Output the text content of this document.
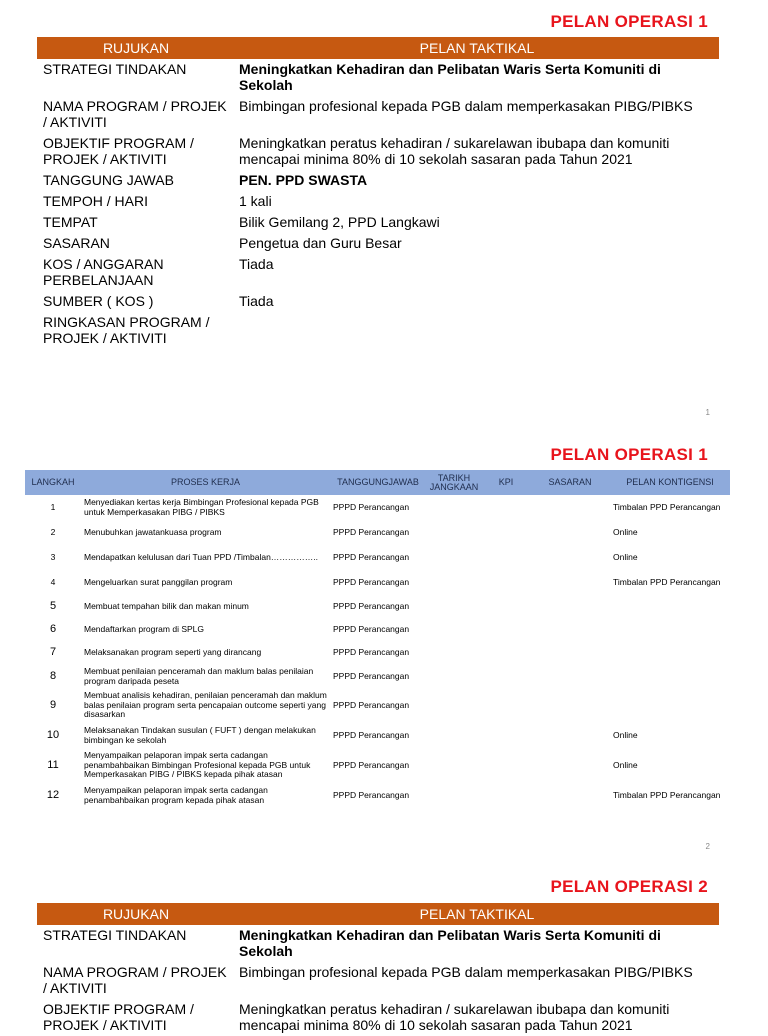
PELAN OPERASI 1
RUJUKAN	PELAN TAKTIKAL
STRATEGI TINDAKAN	Meningkatkan Kehadiran dan Pelibatan Waris Serta Komuniti di Sekolah
NAMA PROGRAM / PROJEK / AKTIVITI	Bimbingan profesional kepada PGB dalam memperkasakan PIBG/PIBKS
OBJEKTIF PROGRAM / PROJEK / AKTIVITI	Meningkatkan peratus kehadiran / sukarelawan ibubapa dan komuniti mencapai minima 80% di 10 sekolah sasaran pada Tahun 2021
TANGGUNG JAWAB	PEN. PPD SWASTA
TEMPOH / HARI	1 kali
TEMPAT	Bilik Gemilang 2, PPD Langkawi
SASARAN	Pengetua dan Guru Besar
KOS / ANGGARAN PERBELANJAAN	Tiada
SUMBER ( KOS )	Tiada
RINGKASAN PROGRAM / PROJEK / AKTIVITI	
1
PELAN OPERASI 1
LANGKAH	PROSES KERJA	TANGGUNGJAWAB	TARIKH JANGKAAN	KPI	SASARAN	PELAN KONTIGENSI
1	Menyediakan kertas kerja Bimbingan Profesional kepada PGB untuk Memperkasakan PIBG / PIBKS	PPPD Perancangan				Timbalan PPD Perancangan
2	Menubuhkan jawatankuasa program	PPPD Perancangan				Online
3	Mendapatkan kelulusan dari Tuan PPD /Timbalan……………..	PPPD Perancangan				Online
4	Mengeluarkan surat panggilan program	PPPD Perancangan				Timbalan PPD Perancangan
5	Membuat tempahan bilik dan makan minum	PPPD Perancangan				
6	Mendaftarkan program di SPLG	PPPD Perancangan				
7	Melaksanakan program seperti yang dirancang	PPPD Perancangan				
8	Membuat penilaian penceramah dan maklum balas penilaian program daripada peseta	PPPD Perancangan				
9	Membuat analisis kehadiran, penilaian penceramah dan maklum balas penilaian program serta pencapaian outcome seperti yang disasarkan	PPPD Perancangan				
10	Melaksanakan Tindakan susulan ( FUFT ) dengan melakukan bimbingan ke sekolah	PPPD Perancangan				Online
11	Menyampaikan pelaporan impak serta cadangan penambahbaikan Bimbingan Profesional kepada PGB untuk Memperkasakan PIBG / PIBKS kepada pihak atasan	PPPD Perancangan				Online
12	Menyampaikan pelaporan impak serta cadangan penambahbaikan program kepada pihak atasan	PPPD Perancangan				Timbalan PPD Perancangan
2
PELAN OPERASI 2
RUJUKAN	PELAN TAKTIKAL
STRATEGI TINDAKAN	Meningkatkan Kehadiran dan Pelibatan Waris Serta Komuniti di Sekolah
NAMA PROGRAM / PROJEK / AKTIVITI	Bimbingan profesional kepada PGB dalam memperkasakan PIBG/PIBKS
OBJEKTIF PROGRAM / PROJEK / AKTIVITI	Meningkatkan peratus kehadiran / sukarelawan ibubapa dan komuniti mencapai minima 80% di 10 sekolah sasaran pada Tahun 2021
